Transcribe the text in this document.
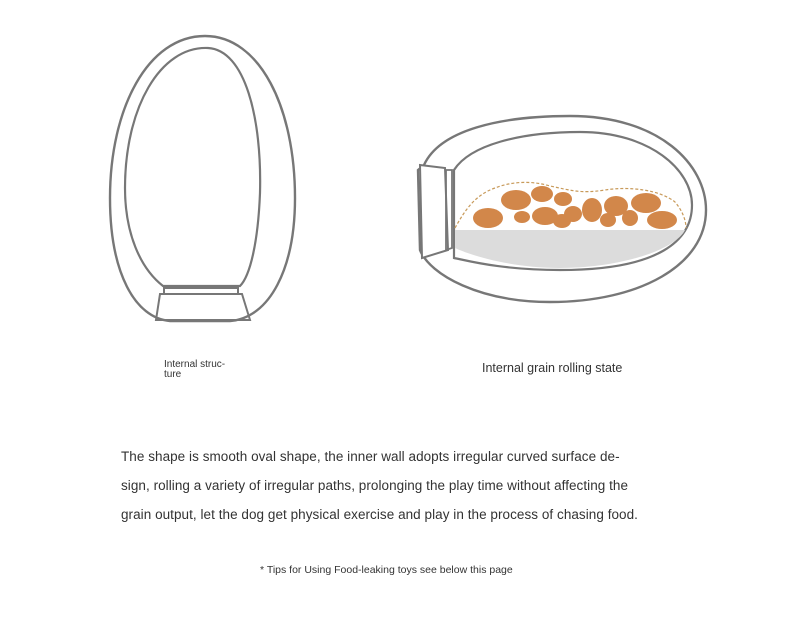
Internal struc-
ture	Internal grain rolling state
The shape is smooth oval shape, the inner wall adopts irregular curved surface de-
sign, rolling a variety of irregular paths, prolonging the play time without affecting the
grain output, let the dog get physical exercise and play in the process of chasing food.
* Tips for Using Food-leaking toys see below this page
